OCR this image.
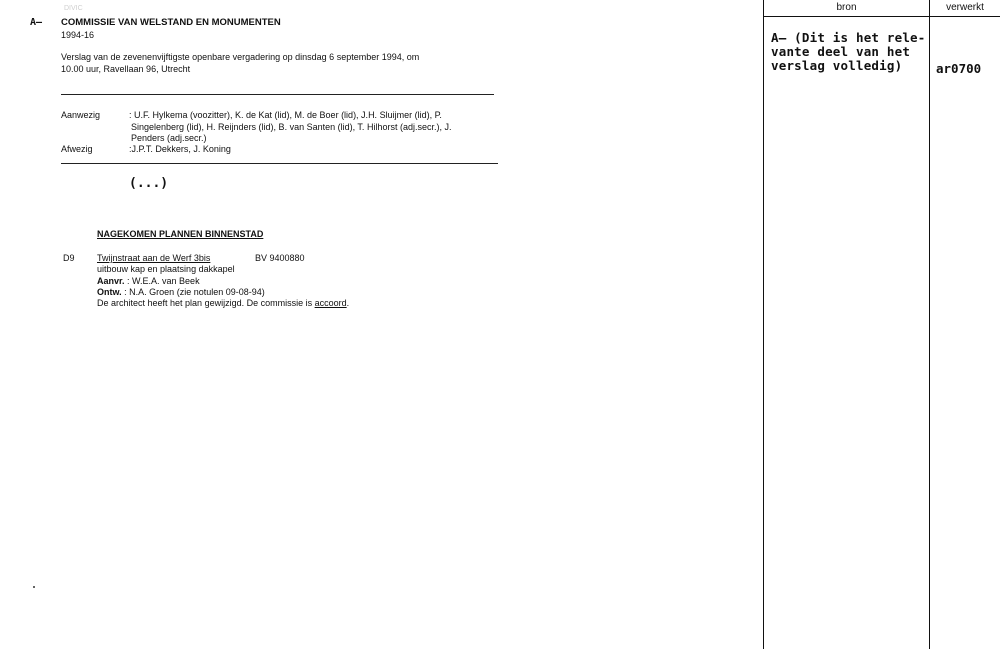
DIVIC
A— COMMISSIE VAN WELSTAND EN MONUMENTEN
1994-16
Verslag van de zevenenvijftigste openbare vergadering op dinsdag 6 september 1994, om
10.00 uur, Ravellaan 96, Utrecht
Aanwezig	: U.F. Hylkema (voozitter), K. de Kat (lid), M. de Boer (lid), J.H. Sluijmer (lid), P.
Singelenberg (lid), H. Reijnders (lid), B. van Santen (lid), T. Hilhorst (adj.secr.), J.
Penders (adj.secr.)
Afwezig	:J.P.T. Dekkers, J. Koning
(...)
NAGEKOMEN PLANNEN BINNENSTAD
D9 Twijnstraat aan de Werf 3bis	BV 9400880
uitbouw kap en plaatsing dakkapel
Aanvr. : W.E.A. van Beek
Ontw. : N.A. Groen (zie notulen 09-08-94)
De architect heeft het plan gewijzigd. De commissie is accoord.
bron	verwerkt
A— (Dit is het rele-
vante deel van het
verslag volledig)	ar0700
